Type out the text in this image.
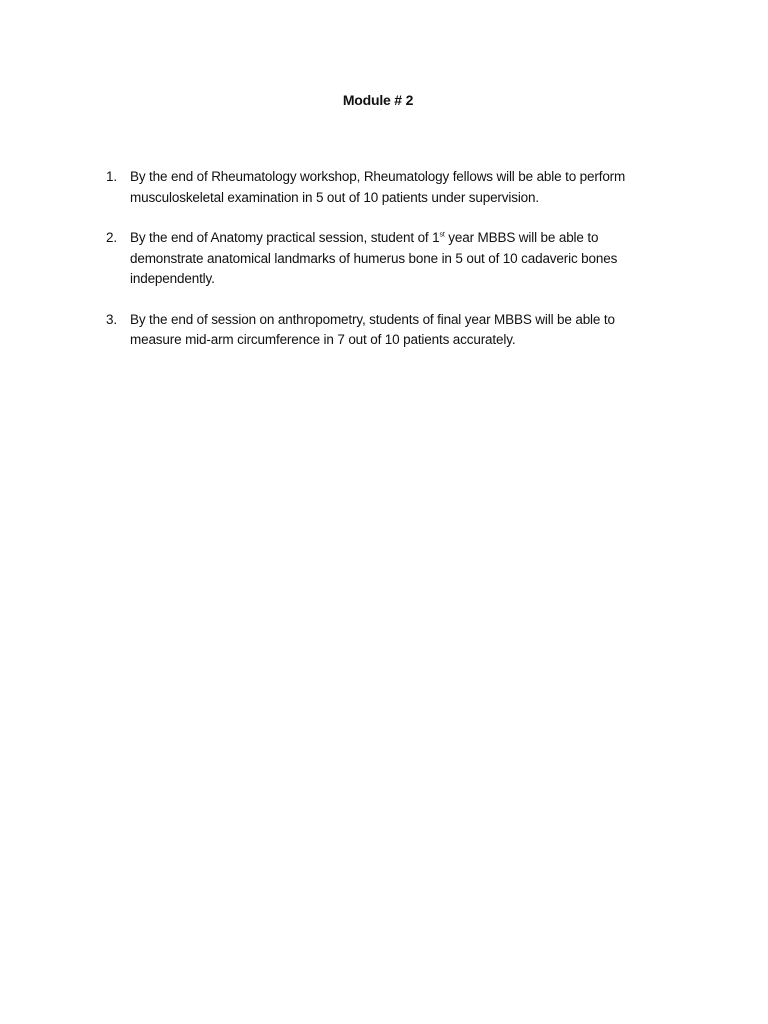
Module # 2
1. By the end of Rheumatology workshop, Rheumatology fellows will be able to perform musculoskeletal examination in 5 out of 10 patients under supervision.
2. By the end of Anatomy practical session, student of 1st year MBBS will be able to demonstrate anatomical landmarks of humerus bone in 5 out of 10 cadaveric bones independently.
3. By the end of session on anthropometry, students of final year MBBS will be able to measure mid-arm circumference in 7 out of 10 patients accurately.
